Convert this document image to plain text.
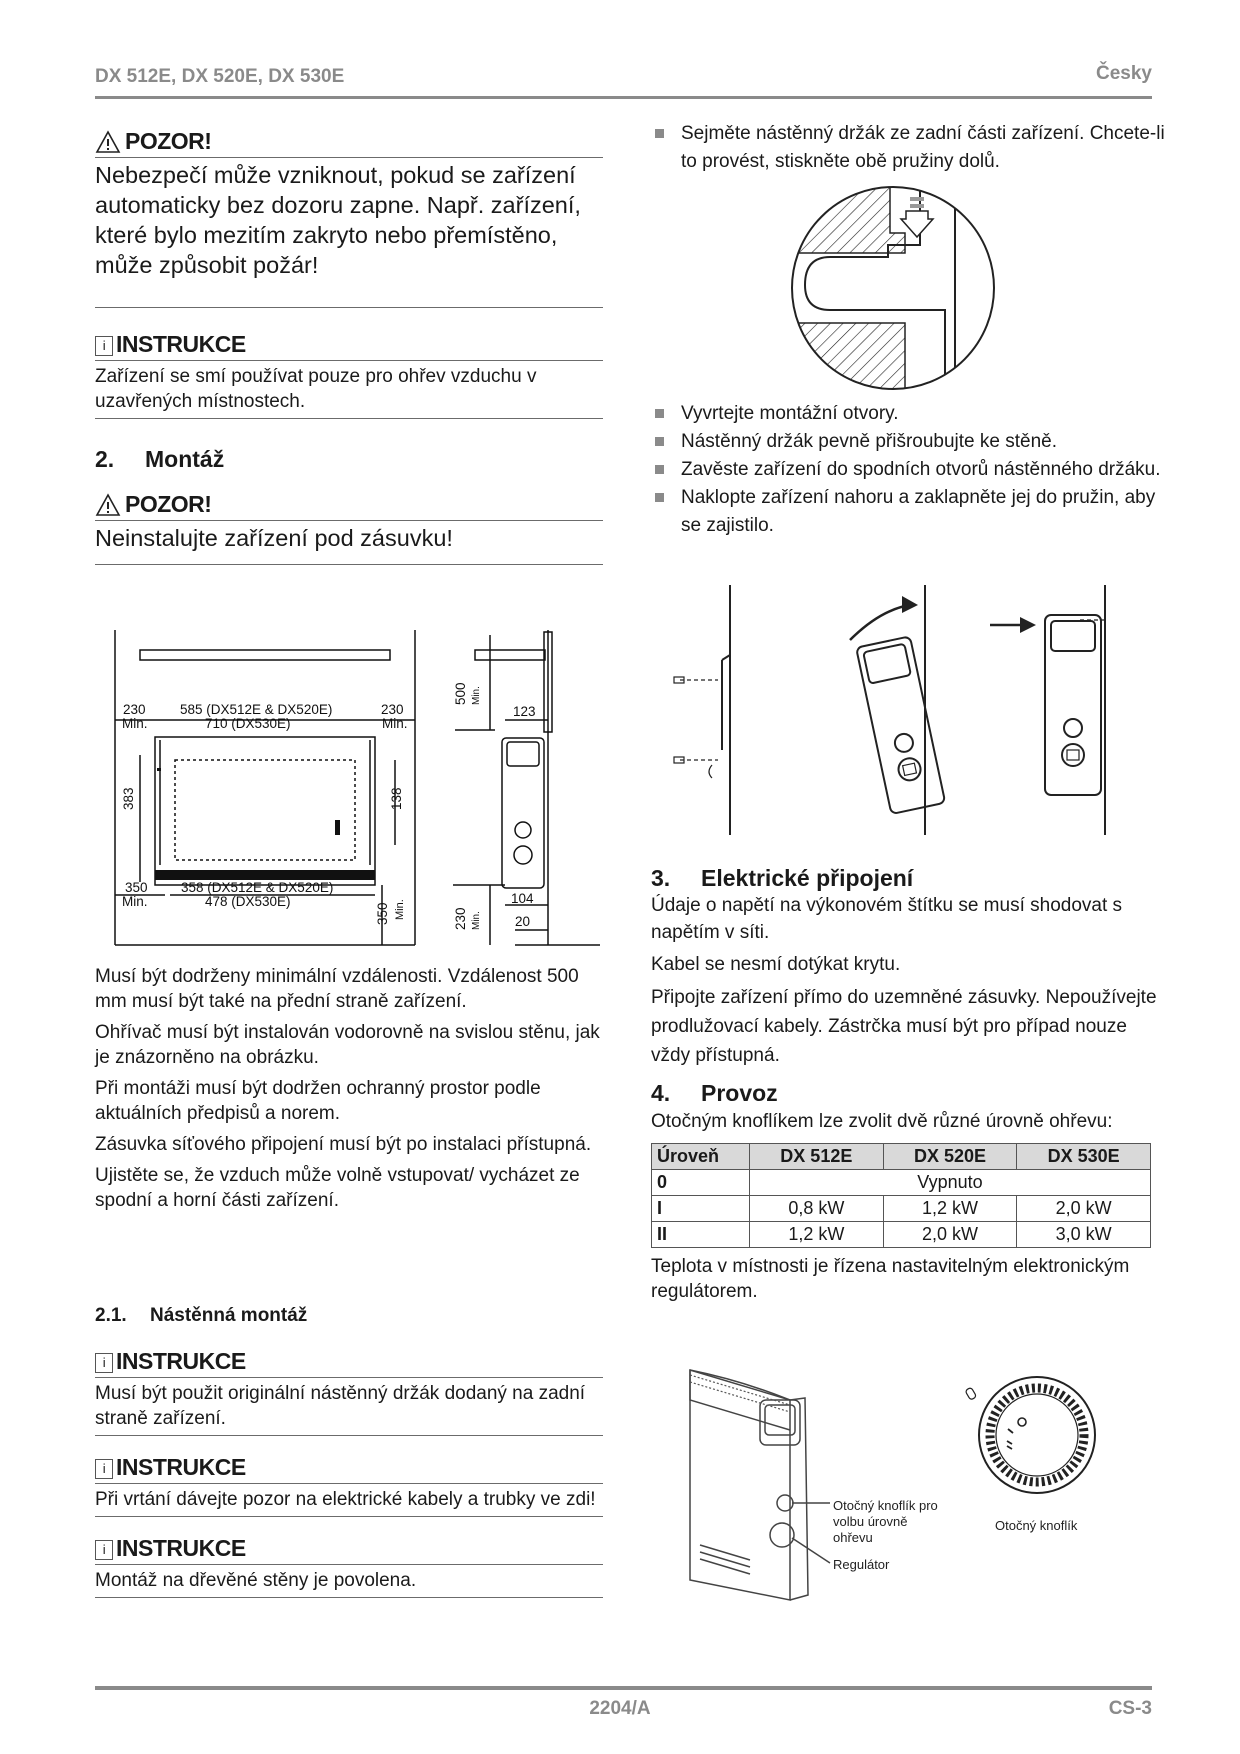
DX 512E, DX 520E, DX 530E	Česky
2204/A	CS-3
POZOR!

Nebezpečí může vzniknout, pokud se zařízení automaticky bez dozoru zapne. Např. zařízení, které bylo mezitím zakryto nebo přemístěno, může způsobit požár!

i INSTRUKCE

Zařízení se smí používat pouze pro ohřev vzduchu v uzavřených místnostech.

2. Montáž
POZOR!

Neinstalujte zařízení pod zásuvku!

230
Min.
585 (DX512E & DX520E)
710 (DX530E)
230
Min.
383	138
350
Min.
358 (DX512E & DX520E)
478 (DX530E)
350 Min.
500 Min.
123
230 Min.
104
20

Musí být dodrženy minimální vzdálenosti. Vzdálenost 500 mm musí být také na přední straně zařízení.

Ohřívač musí být instalován vodorovně na svislou stěnu, jak je znázorněno na obrázku.

Při montáži musí být dodržen ochranný prostor podle aktuálních předpisů a norem.

Zásuvka síťového připojení musí být po instalaci přístupná.

Ujistěte se, že vzduch může volně vstupovat/ vycházet ze spodní a horní části zařízení.

2.1. Nástěnná montáž
i INSTRUKCE

Musí být použit originální nástěnný držák dodaný na zadní straně zařízení.

i INSTRUKCE

Při vrtání dávejte pozor na elektrické kabely a trubky ve zdi!

i INSTRUKCE

Montáž na dřevěné stěny je povolena.

Sejměte nástěnný držák ze zadní části zařízení. Chcete-li to provést, stiskněte obě pružiny dolů.
Vyvrtejte montážní otvory.
Nástěnný držák pevně přišroubujte ke stěně.
Zavěste zařízení do spodních otvorů nástěnného držáku.
Naklopte zařízení nahoru a zaklapněte jej do pružin, aby se zajistilo.
3. Elektrické připojení

Údaje o napětí na výkonovém štítku se musí shodovat s napětím v síti.

Kabel se nesmí dotýkat krytu.

Připojte zařízení přímo do uzemněné zásuvky. Nepoužívejte prodlužovací kabely. Zástrčka musí být pro případ nouze vždy přístupná.

4. Provoz

Otočným knoflíkem lze zvolit dvě různé úrovně ohřevu:

Úroveň	DX 512E	DX 520E	DX 530E
0	Vypnuto		
I	0,8 kW	1,2 kW	2,0 kW
II	1,2 kW	2,0 kW	3,0 kW

Teplota v místnosti je řízena nastavitelným elektronickým regulátorem.

Otočný knoflík pro
volbu úrovně
ohřevu
Regulátor
Otočný knoflík
